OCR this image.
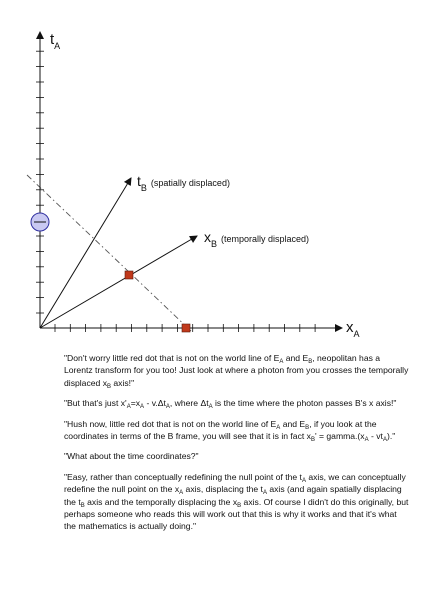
$t_A$
$x_A$
$t_B$ $^{(spatially displaced)}$
$x_B$ $^{(temporally displaced)}$

"Don't worry little red dot that is not on the world line of $E_A$ and $E_B$, neopolitan has a Lorentz transform for you too! Just look at where a photon from you crosses the temporally displaced $x_B$ axis!"

"But that's just $x'_A=x_A - v.\Delta t_A$, where $\Delta t_A$ is the time where the photon passes B's x axis!"

"Hush now, little red dot that is not on the world line of $E_A$ and $E_B$, if you look at the coordinates in terms of the B frame, you will see that it is in fact $x_B'$ = $gamma.(x_A - vt_A)$."

"What about the time coordinates?"

"Easy, rather than conceptually redefining the null point of the $t_A$ axis, we can conceptually redefine the null point on the $x_A$ axis, displacing the $t_A$ axis (and again spatially displacing the $t_B$ axis and the temporally displacing the $x_B$ axis. Of course I didn't do this originally, but perhaps someone who reads this will work out that this is why it works and that it's what the mathematics is actually doing."
